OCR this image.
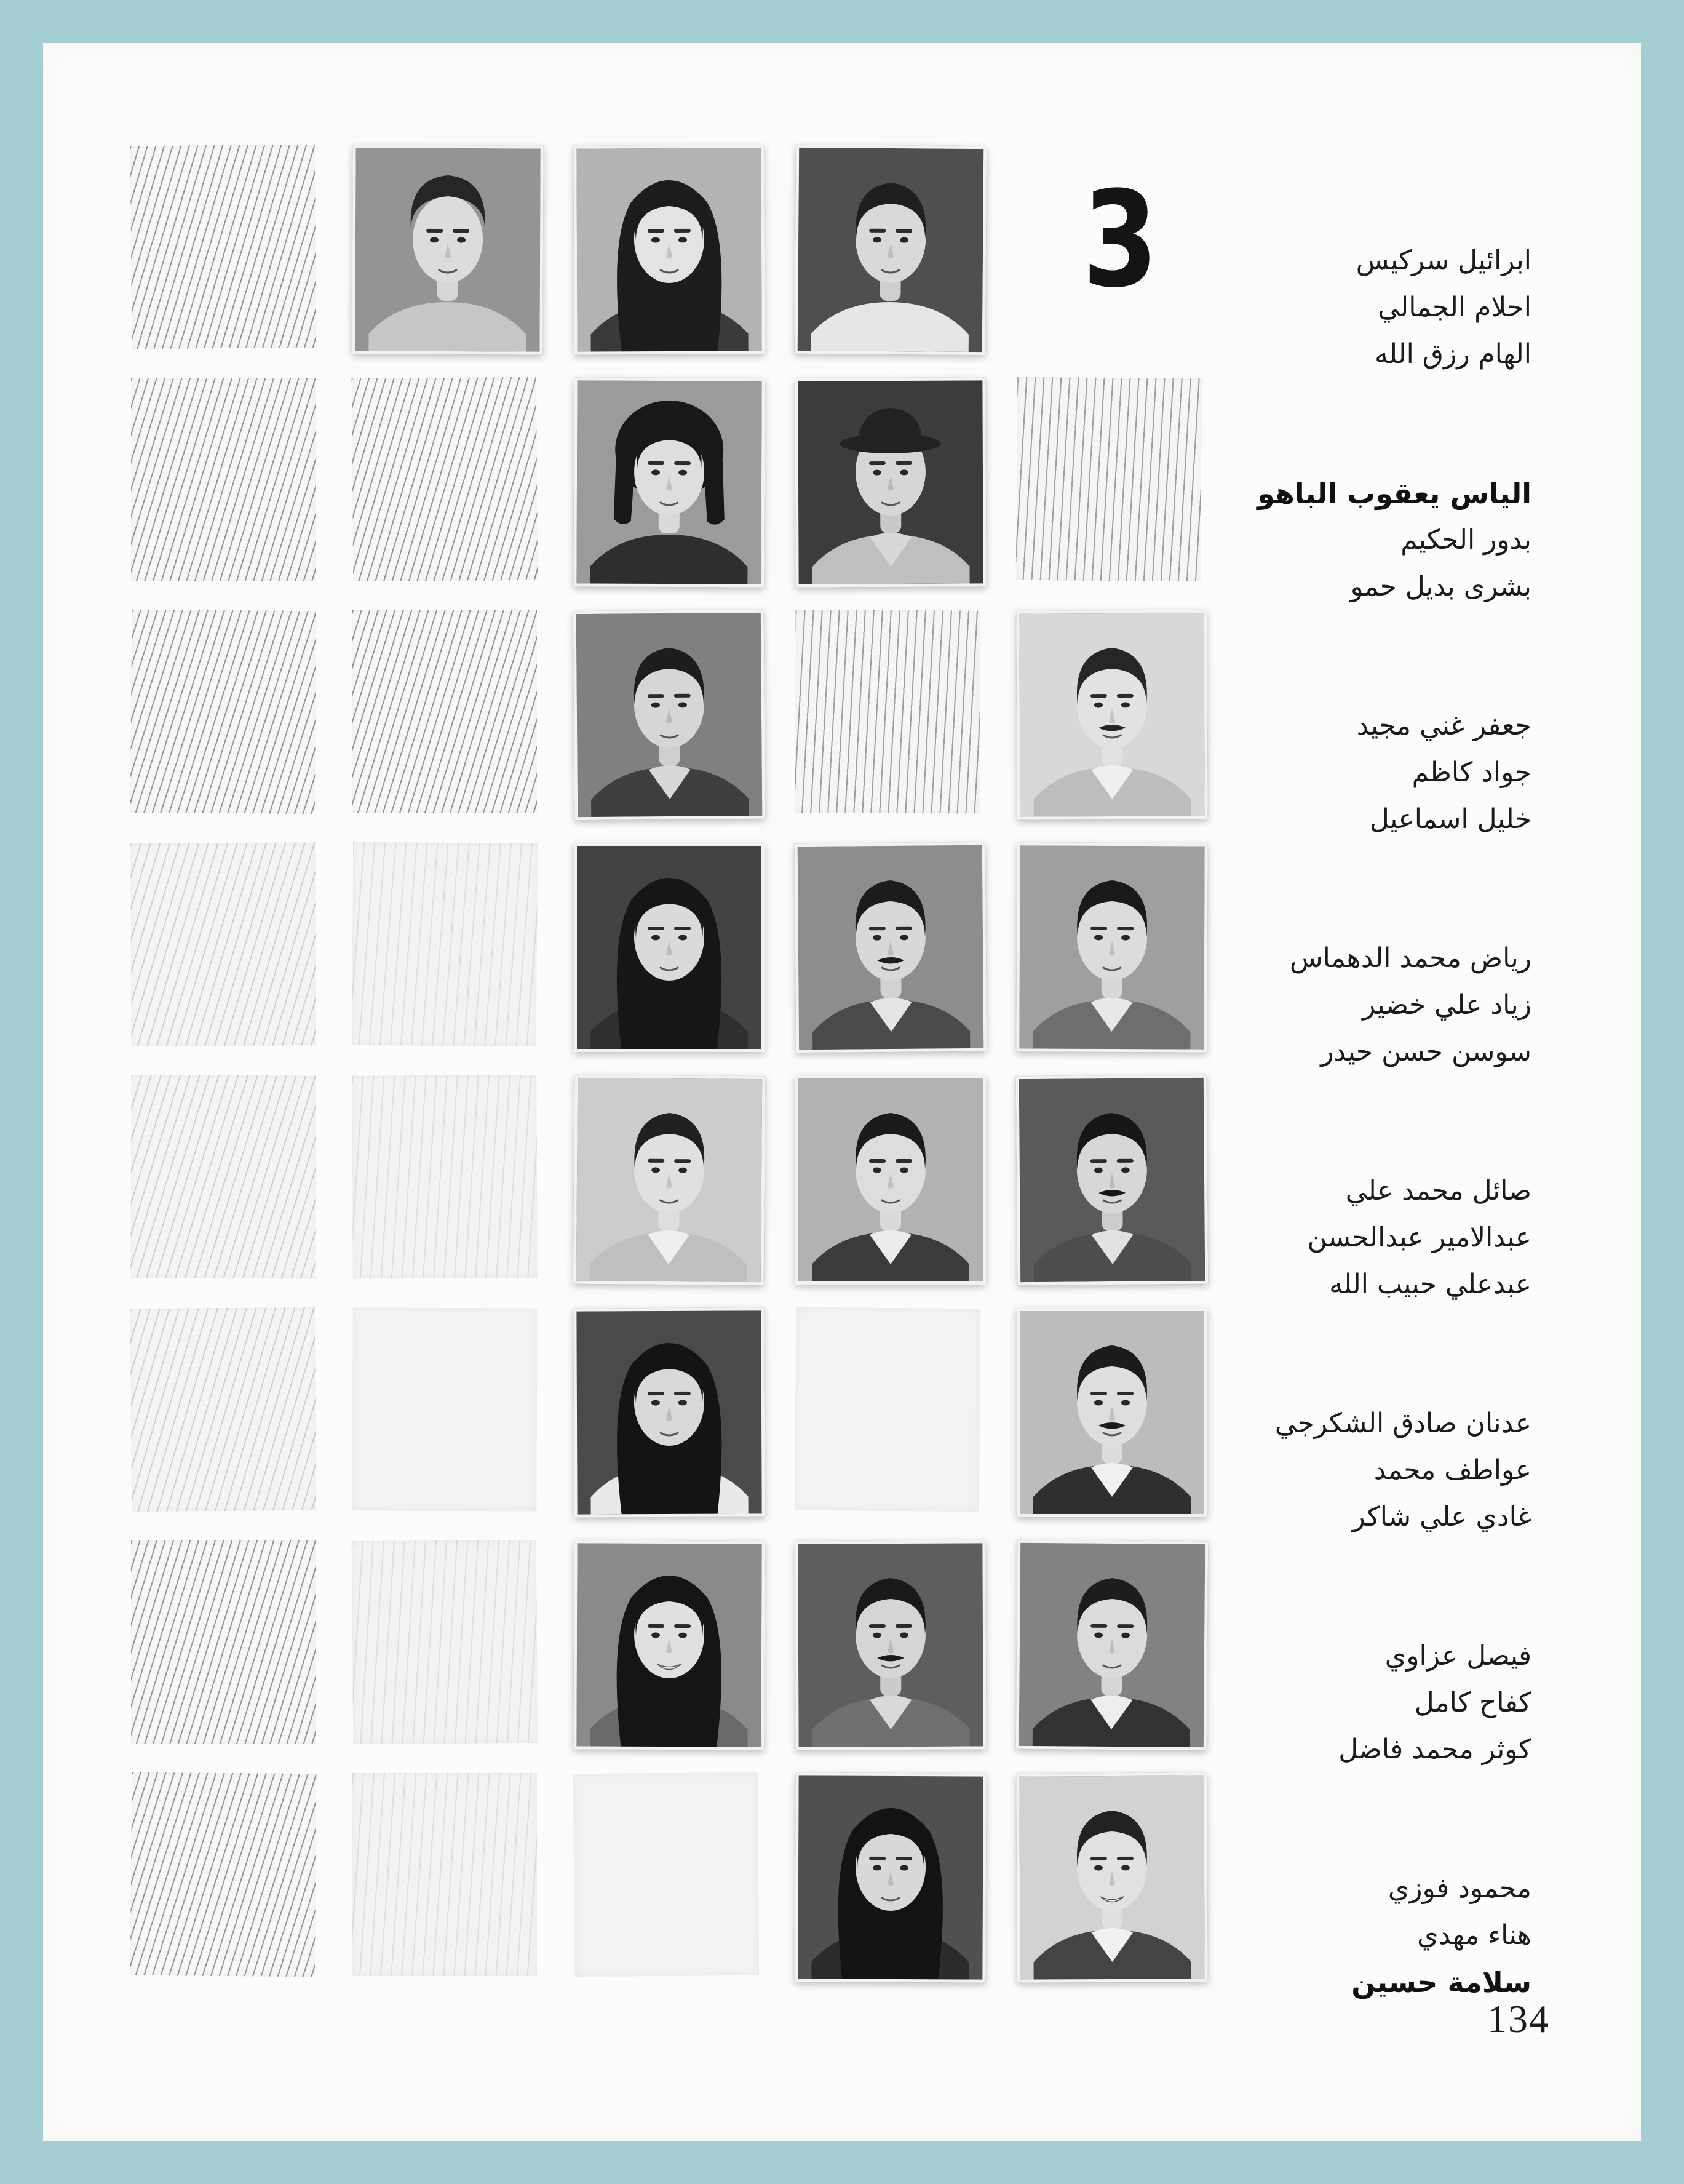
3	ابرائيل سركيس
احلام الجمالي
الهام رزق الله
الياس يعقوب الباهو
بدور الحكيم
بشرى بديل حمو
جعفر غني مجيد
جواد كاظم
خليل اسماعيل
رياض محمد الدهماس
زياد علي خضير
سوسن حسن حيدر
صائل محمد علي
عبدالامير عبدالحسن
عبدعلي حبيب الله
عدنان صادق الشكرجي
عواطف محمد
غادي علي شاكر
فيصل عزاوي
كفاح كامل
كوثر محمد فاضل
محمود فوزي
هناء مهدي
سلامة حسين
134
